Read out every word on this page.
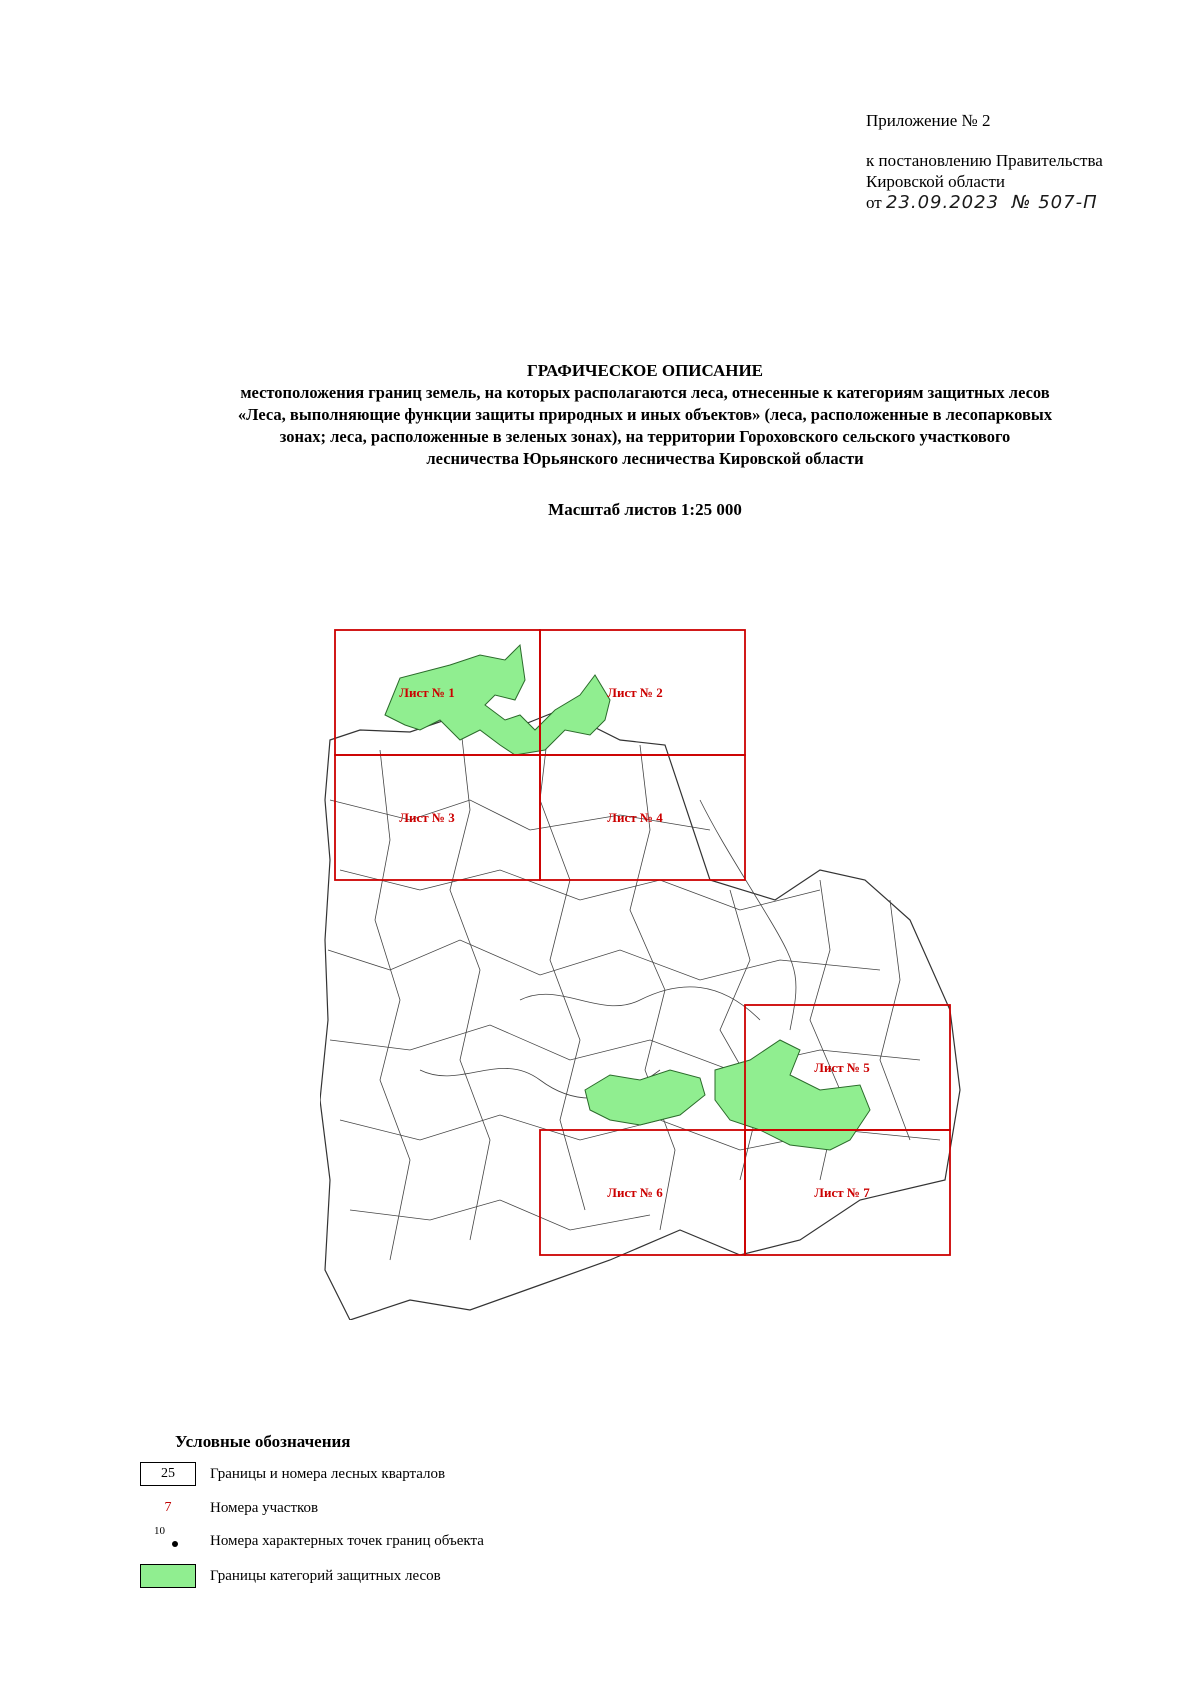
Приложение № 2
к постановлению Правительства
Кировской области
от 23.09.2023 № 507-П
ГРАФИЧЕСКОЕ ОПИСАНИЕ
местоположения границ земель, на которых располагаются леса, отнесенные к категориям защитных лесов
«Леса, выполняющие функции защиты природных и иных объектов» (леса, расположенные в лесопарковых
зонах; леса, расположенные в зеленых зонах), на территории Гороховского сельского участкового
лесничества Юрьянского лесничества Кировской области
Масштаб листов 1:25 000
Лист № 1	Лист № 2
Лист № 3	Лист № 4
Лист № 5
Лист № 6	Лист № 7
Условные обозначения
25	Границы и номера лесных кварталов
7	Номера участков
10
Номера характерных точек границ объекта
Границы категорий защитных лесов
